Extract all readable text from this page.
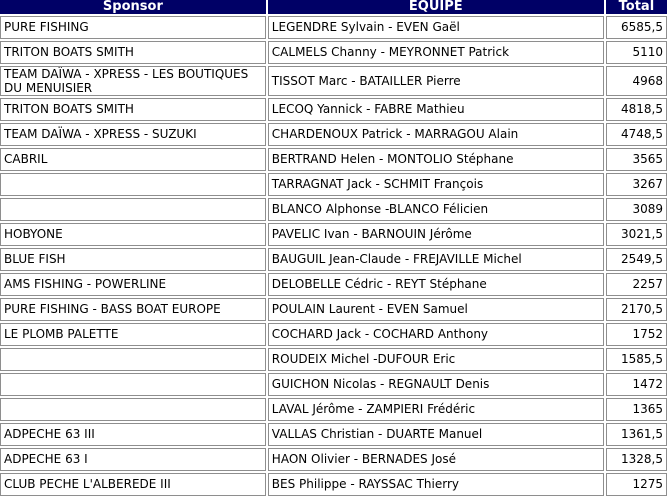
Sponsor	EQUIPE	Total
PURE FISHING	LEGENDRE Sylvain - EVEN Gaël	6585,5
TRITON BOATS SMITH	CALMELS Channy - MEYRONNET Patrick	5110
TEAM DAÏWA - XPRESS - LES BOUTIQUES DU MENUISIER	TISSOT Marc - BATAILLER Pierre	4968
TRITON BOATS SMITH	LECOQ Yannick - FABRE Mathieu	4818,5
TEAM DAÏWA - XPRESS - SUZUKI	CHARDENOUX Patrick - MARRAGOU Alain	4748,5
CABRIL	BERTRAND Helen - MONTOLIO Stéphane	3565
	TARRAGNAT Jack - SCHMIT François	3267
	BLANCO Alphonse -BLANCO Félicien	3089
HOBYONE	PAVELIC Ivan - BARNOUIN Jérôme	3021,5
BLUE FISH	BAUGUIL Jean-Claude - FREJAVILLE Michel	2549,5
AMS FISHING - POWERLINE	DELOBELLE Cédric - REYT Stéphane	2257
PURE FISHING - BASS BOAT EUROPE	POULAIN Laurent - EVEN Samuel	2170,5
LE PLOMB PALETTE	COCHARD Jack - COCHARD Anthony	1752
	ROUDEIX Michel -DUFOUR Eric	1585,5
	GUICHON Nicolas - REGNAULT Denis	1472
	LAVAL Jérôme - ZAMPIERI Frédéric	1365
ADPECHE 63 III	VALLAS Christian - DUARTE Manuel	1361,5
ADPECHE 63 I	HAON Olivier - BERNADES José	1328,5
CLUB PECHE L'ALBEREDE III	BES Philippe - RAYSSAC Thierry	1275
